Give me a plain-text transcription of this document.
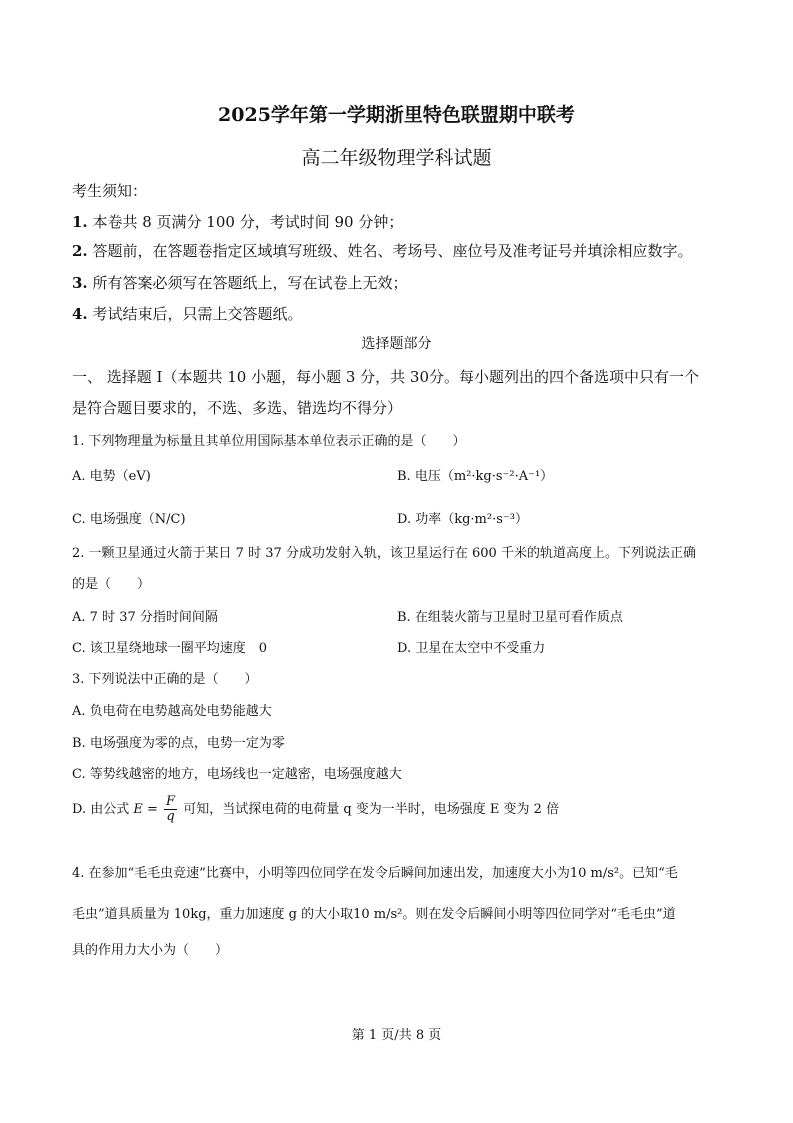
2025学年第一学期浙里特色联盟期中联考
高二年级物理学科试题
考生须知：
1. 本卷共 8 页满分 100 分，考试时间 90 分钟；
2. 答题前，在答题卷指定区域填写班级、姓名、考场号、座位号及准考证号并填涂相应数字。
3. 所有答案必须写在答题纸上，写在试卷上无效；
4. 考试结束后，只需上交答题纸。
选择题部分
一、 选择题 I（本题共 10 小题，每小题 3 分，共 30分。每小题列出的四个备选项中只有一个
是符合题目要求的，不选、多选、错选均不得分）
1. 下列物理量为标量且其单位用国际基本单位表示正确的是（　　）
A. 电势（eV)	B. 电压（m²·kg·s⁻²·A⁻¹）
C. 电场强度（N/C)	D. 功率（kg·m²·s⁻³）
2. 一颗卫星通过火箭于某日 7 时 37 分成功发射入轨，该卫星运行在 600 千米的轨道高度上。下列说法正确
的是（　　）
A. 7 时 37 分指时间间隔	B. 在组装火箭与卫星时卫星可看作质点
C. 该卫星绕地球一圈平均速度　0	D. 卫星在太空中不受重力
3. 下列说法中正确的是（　　）
A. 负电荷在电势越高处电势能越大
B. 电场强度为零的点，电势一定为零
C. 等势线越密的地方，电场线也一定越密，电场强度越大
D. 由公式 $E = \frac{F}{q}$ 可知，当试探电荷的电荷量 q 变为一半时，电场强度 E 变为 2 倍
4. 在参加“毛毛虫竞速”比赛中，小明等四位同学在发令后瞬间加速出发，加速度大小为10 m/s²。已知“毛
毛虫”道具质量为 10kg，重力加速度 g 的大小取10 m/s²。则在发令后瞬间小明等四位同学对“毛毛虫”道
具的作用力大小为（　　）
第 1 页/共 8 页
